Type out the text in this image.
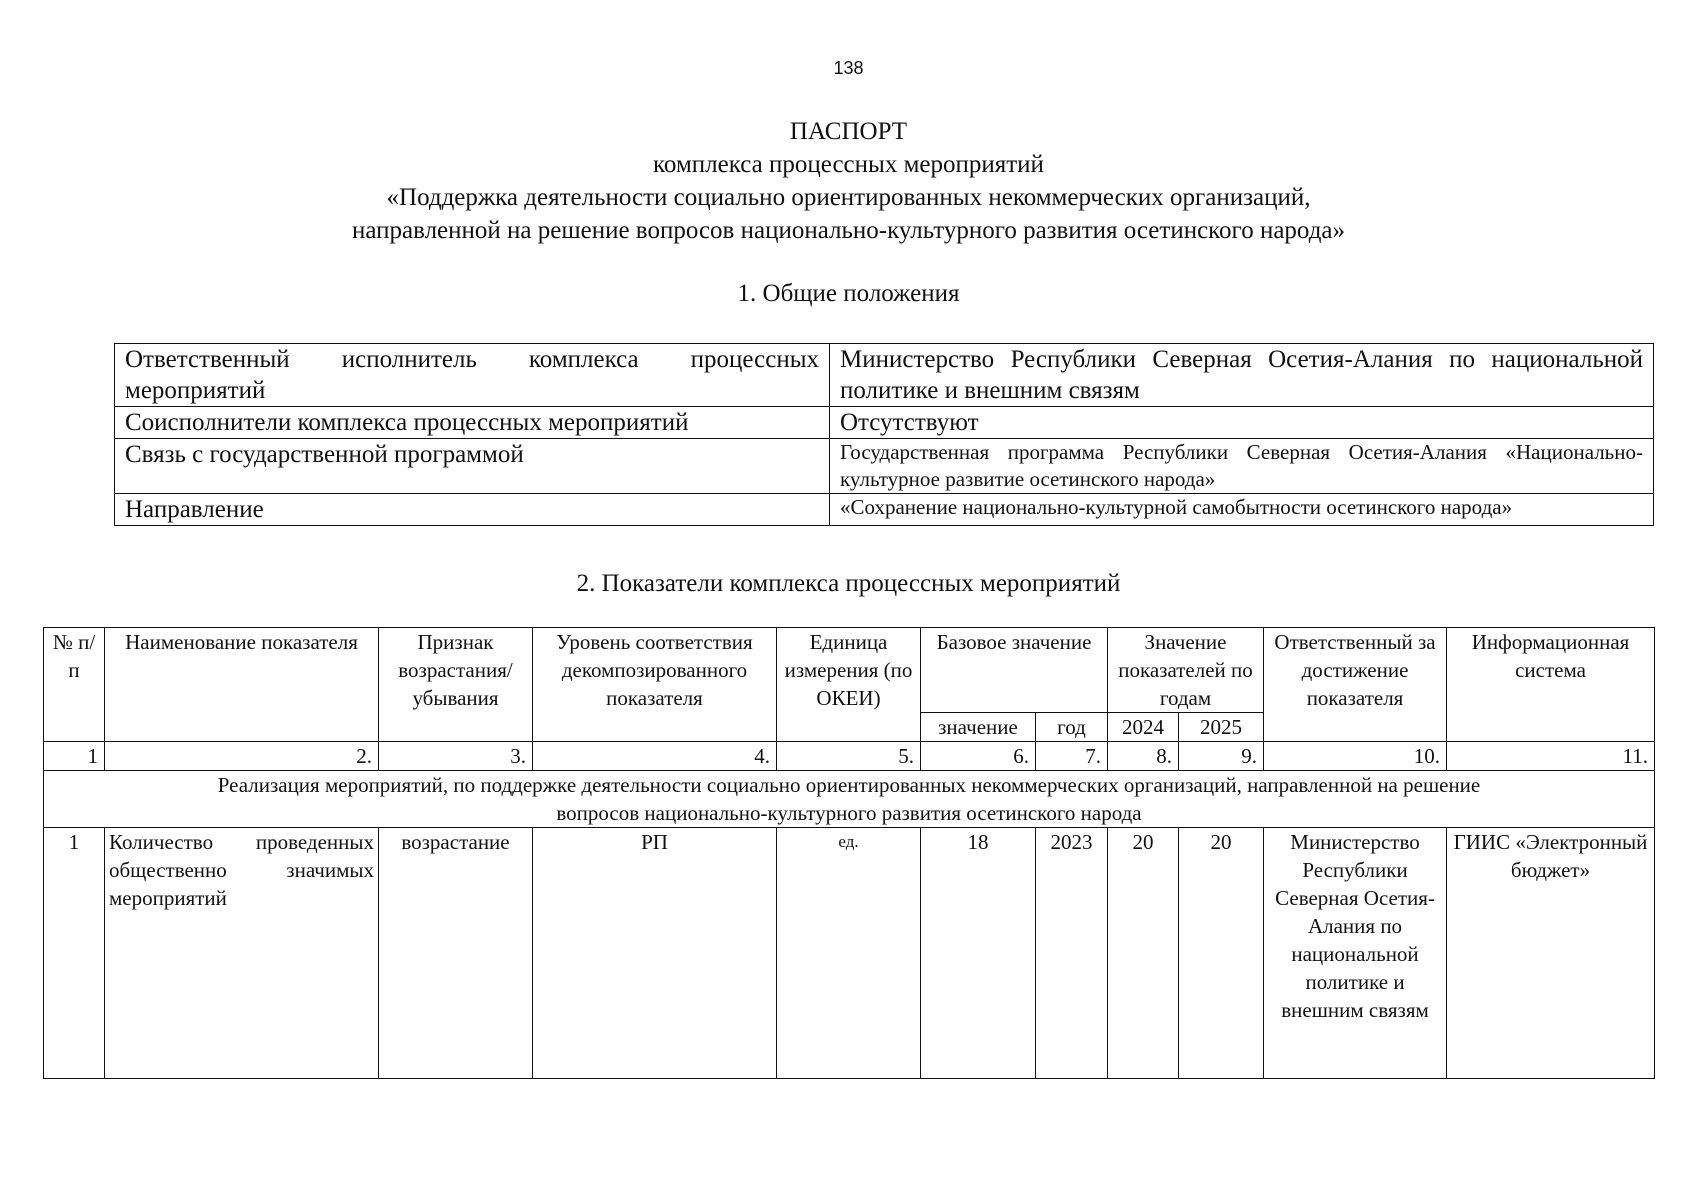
138
ПАСПОРТ
комплекса процессных мероприятий
«Поддержка деятельности социально ориентированных некоммерческих организаций,
направленной на решение вопросов национально-культурного развития осетинского народа»
1. Общие положения
Ответственный исполнитель комплекса процессных мероприятий	Министерство Республики Северная Осетия-Алания по национальной политике и внешним связям
Соисполнители комплекса процессных мероприятий	Отсутствуют
Связь с государственной программой	Государственная программа Республики Северная Осетия-Алания «Национально-культурное развитие осетинского народа»
Направление	«Сохранение национально-культурной самобытности осетинского народа»
2. Показатели комплекса процессных мероприятий
№ п/п	Наименование показателя	Признак возрастания/ убывания	Уровень соответствия декомпозированного показателя	Единица измерения (по ОКЕИ)	Базовое значение		Значение показателей по годам		Ответственный за достижение показателя	Информационная система
					значение	год	2024	2025		
1	2.	3.	4.	5.	6.	7.	8.	9.	10.	11.
Реализация мероприятий, по поддержке деятельности социально ориентированных некоммерческих организаций, направленной на решение вопросов национально-культурного развития осетинского народа										
1	Количество проведенных общественно значимых мероприятий	возрастание	РП	ед.	18	2023	20	20	Министерство Республики Северная Осетия-Алания по национальной политике и внешним связям	ГИИС «Электронный бюджет»
